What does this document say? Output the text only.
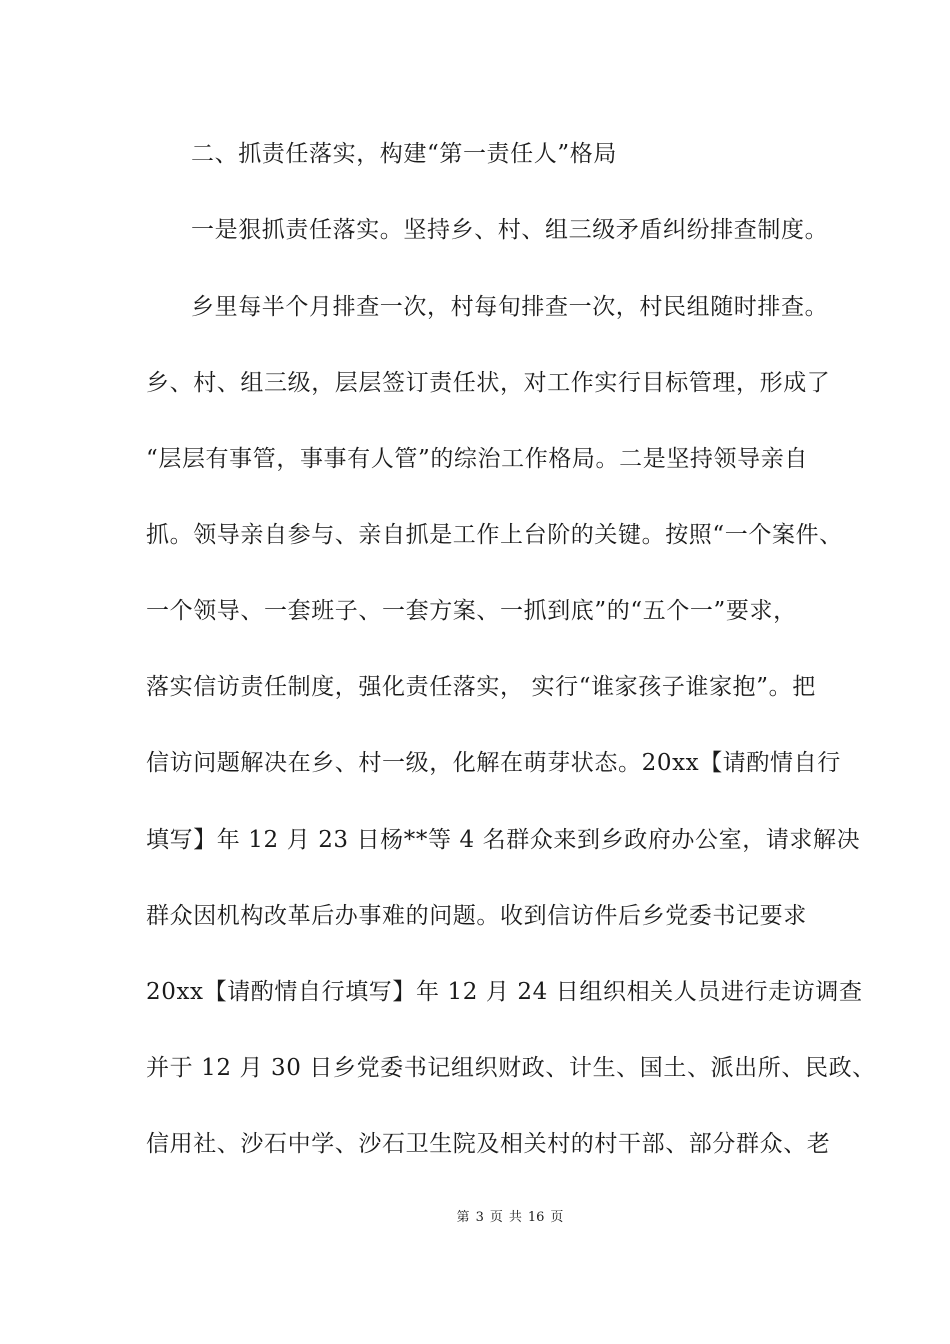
二、抓责任落实，构建“第一责任人”格局
一是狠抓责任落实。坚持乡、村、组三级矛盾纠纷排查制度。
乡里每半个月排查一次，村每旬排查一次，村民组随时排查。
乡、村、组三级，层层签订责任状，对工作实行目标管理，形成了
“层层有事管，事事有人管”的综治工作格局。二是坚持领导亲自
抓。领导亲自参与、亲自抓是工作上台阶的关键。按照“一个案件、
一个领导、一套班子、一套方案、一抓到底”的“五个一”要求，
落实信访责任制度，强化责任落实， 实行“谁家孩子谁家抱”。把
信访问题解决在乡、村一级，化解在萌芽状态。20xx【请酌情自行
填写】年 12 月 23 日杨**等 4 名群众来到乡政府办公室，请求解决
群众因机构改革后办事难的问题。收到信访件后乡党委书记要求
20xx【请酌情自行填写】年 12 月 24 日组织相关人员进行走访调查
并于 12 月 30 日乡党委书记组织财政、计生、国土、派出所、民政、
信用社、沙石中学、沙石卫生院及相关村的村干部、部分群众、老
第 3 页 共 16 页
